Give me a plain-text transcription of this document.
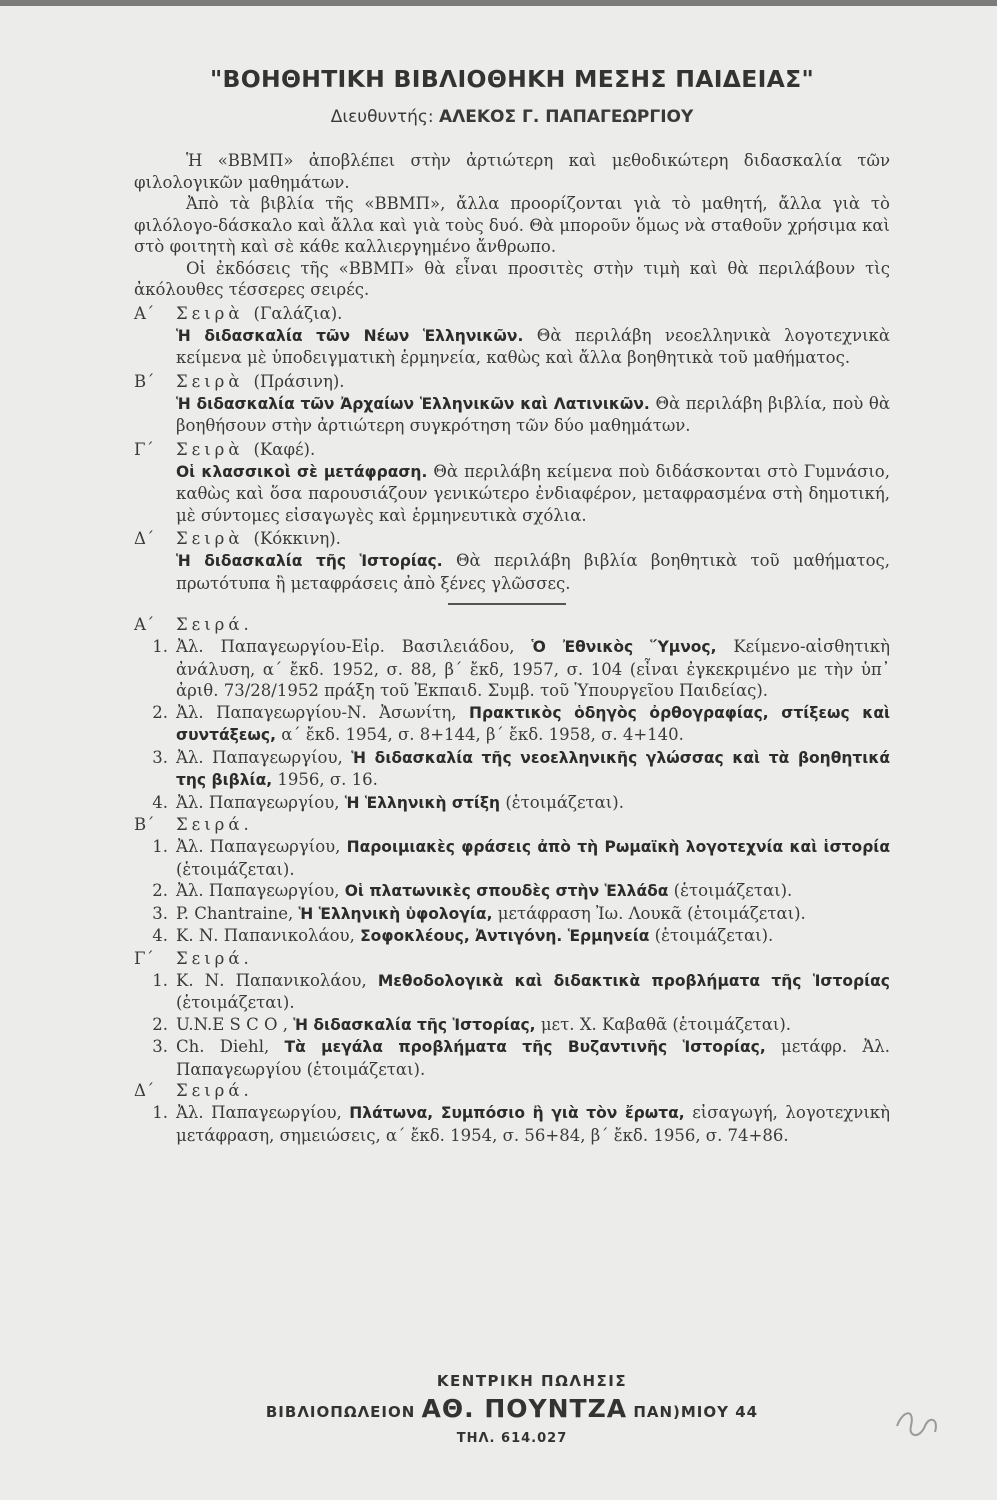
"ΒΟΗΘΗΤΙΚΗ ΒΙΒΛΙΟΘΗΚΗ ΜΕΣΗΣ ΠΑΙΔΕΙΑΣ"
Διευθυντής: ΑΛΕΚΟΣ Γ. ΠΑΠΑΓΕΩΡΓΙΟΥ

Ἡ «ΒΒΜΠ» ἀποβλέπει στὴν ἀρτιώτερη καὶ μεθοδικώτερη διδασκαλία τῶν φιλολογικῶν μαθημάτων.

Ἀπὸ τὰ βιβλία τῆς «ΒΒΜΠ», ἄλλα προορίζονται γιὰ τὸ μαθητή, ἄλλα γιὰ τὸ φιλόλογο-δάσκαλο καὶ ἄλλα καὶ γιὰ τοὺς δυό. Θὰ μποροῦν ὅμως νὰ σταθοῦν χρήσιμα καὶ στὸ φοιτητὴ καὶ σὲ κάθε καλλιεργημένο ἄνθρωπο.

Οἱ ἐκδόσεις τῆς «ΒΒΜΠ» θὰ εἶναι προσιτὲς στὴν τιμὴ καὶ θὰ περιλάβουν τὶς ἀκόλουθες τέσσερες σειρές.

Α΄	Σειρὰ (Γαλάζια).

Ἡ διδασκαλία τῶν Νέων Ἑλληνικῶν. Θὰ περιλάβη νεοελληνικὰ λογοτεχνικὰ κείμενα μὲ ὑποδειγματικὴ ἑρμηνεία, καθὼς καὶ ἄλλα βοηθητικὰ τοῦ μαθήματος.

Β΄	Σειρὰ (Πράσινη).

Ἡ διδασκαλία τῶν Ἀρχαίων Ἑλληνικῶν καὶ Λατινικῶν. Θὰ περιλάβη βιβλία, ποὺ θὰ βοηθήσουν στὴν ἀρτιώτερη συγκρότηση τῶν δύο μαθημάτων.

Γ΄	Σειρὰ (Καφέ).

Οἱ κλασσικοὶ σὲ μετάφραση. Θὰ περιλάβη κείμενα ποὺ διδάσκονται στὸ Γυμνάσιο, καθὼς καὶ ὅσα παρουσιάζουν γενικώτερο ἐνδιαφέρον, μεταφρασμένα στὴ δημοτική, μὲ σύντομες εἰσαγωγὲς καὶ ἑρμηνευτικὰ σχόλια.

Δ΄	Σειρὰ (Κόκκινη).

Ἡ διδασκαλία τῆς Ἱστορίας. Θὰ περιλάβη βιβλία βοηθητικὰ τοῦ μαθήματος, πρωτότυπα ἢ μεταφράσεις ἀπὸ ξένες γλῶσσες.

Α΄	Σειρά.
1. Ἀλ. Παπαγεωργίου-Εἰρ. Βασιλειάδου, Ὁ Ἐθνικὸς Ὕμνος, Κείμενο-αἰσθητικὴ ἀνάλυση, α΄ ἔκδ. 1952, σ. 88, β΄ ἔκδ, 1957, σ. 104 (εἶναι ἐγκεκριμένο με τὴν ὑπ᾿ ἀριθ. 73/28/1952 πράξη τοῦ Ἐκπαιδ. Συμβ. τοῦ Ὑπουργεῖου Παιδείας).
2. Ἀλ. Παπαγεωργίου-Ν. Ἀσωνίτη, Πρακτικὸς ὁδηγὸς ὀρθογραφίας, στίξεως καὶ συντάξεως, α΄ ἔκδ. 1954, σ. 8+144, β΄ ἔκδ. 1958, σ. 4+140.
3. Ἀλ. Παπαγεωργίου, Ἡ διδασκαλία τῆς νεοελληνικῆς γλώσσας καὶ τὰ βοηθητικά της βιβλία, 1956, σ. 16.
4. Ἀλ. Παπαγεωργίου, Ἡ Ἑλληνικὴ στίξη (ἑτοιμάζεται).
Β΄	Σειρά.
1. Ἀλ. Παπαγεωργίου, Παροιμιακὲς φράσεις ἀπὸ τὴ Ρωμαϊκὴ λογοτεχνία καὶ ἱστορία (ἑτοιμάζεται).
2. Ἀλ. Παπαγεωργίου, Οἱ πλατωνικὲς σπουδὲς στὴν Ἑλλάδα (ἑτοιμάζεται).
3. P. Chantraine, Ἡ Ἑλληνικὴ ὑφολογία, μετάφραση Ἰω. Λουκᾶ (ἑτοιμάζεται).
4. Κ. Ν. Παπανικολάου, Σοφοκλέους, Ἀντιγόνη. Ἑρμηνεία (ἑτοιμάζεται).
Γ΄	Σειρά.
1. Κ. Ν. Παπανικολάου, Μεθοδολογικὰ καὶ διδακτικὰ προβλήματα τῆς Ἱστορίας (ἑτοιμάζεται).
2. U.N.E S C O , Ἡ διδασκαλία τῆς Ἱστορίας, μετ. Χ. Καβαθᾶ (ἑτοιμάζεται).
3. Ch. Diehl, Τὰ μεγάλα προβλήματα τῆς Βυζαντινῆς Ἱστορίας, μετάφρ. Ἀλ. Παπαγεωργίου (ἑτοιμάζεται).
Δ΄	Σειρά.
1. Ἀλ. Παπαγεωργίου, Πλάτωνα, Συμπόσιο ἢ γιὰ τὸν ἔρωτα, εἰσαγωγή, λογοτεχνικὴ μετάφραση, σημειώσεις, α΄ ἔκδ. 1954, σ. 56+84, β΄ ἔκδ. 1956, σ. 74+86.
ΚΕΝΤΡΙΚΗ ΠΩΛΗΣΙΣ
ΒΙΒΛΙΟΠΩΛΕΙΟΝ ΑΘ. ΠΟΥΝΤΖΑ ΠΑΝ)ΜΙΟΥ 44
ΤΗΛ. 614.027
